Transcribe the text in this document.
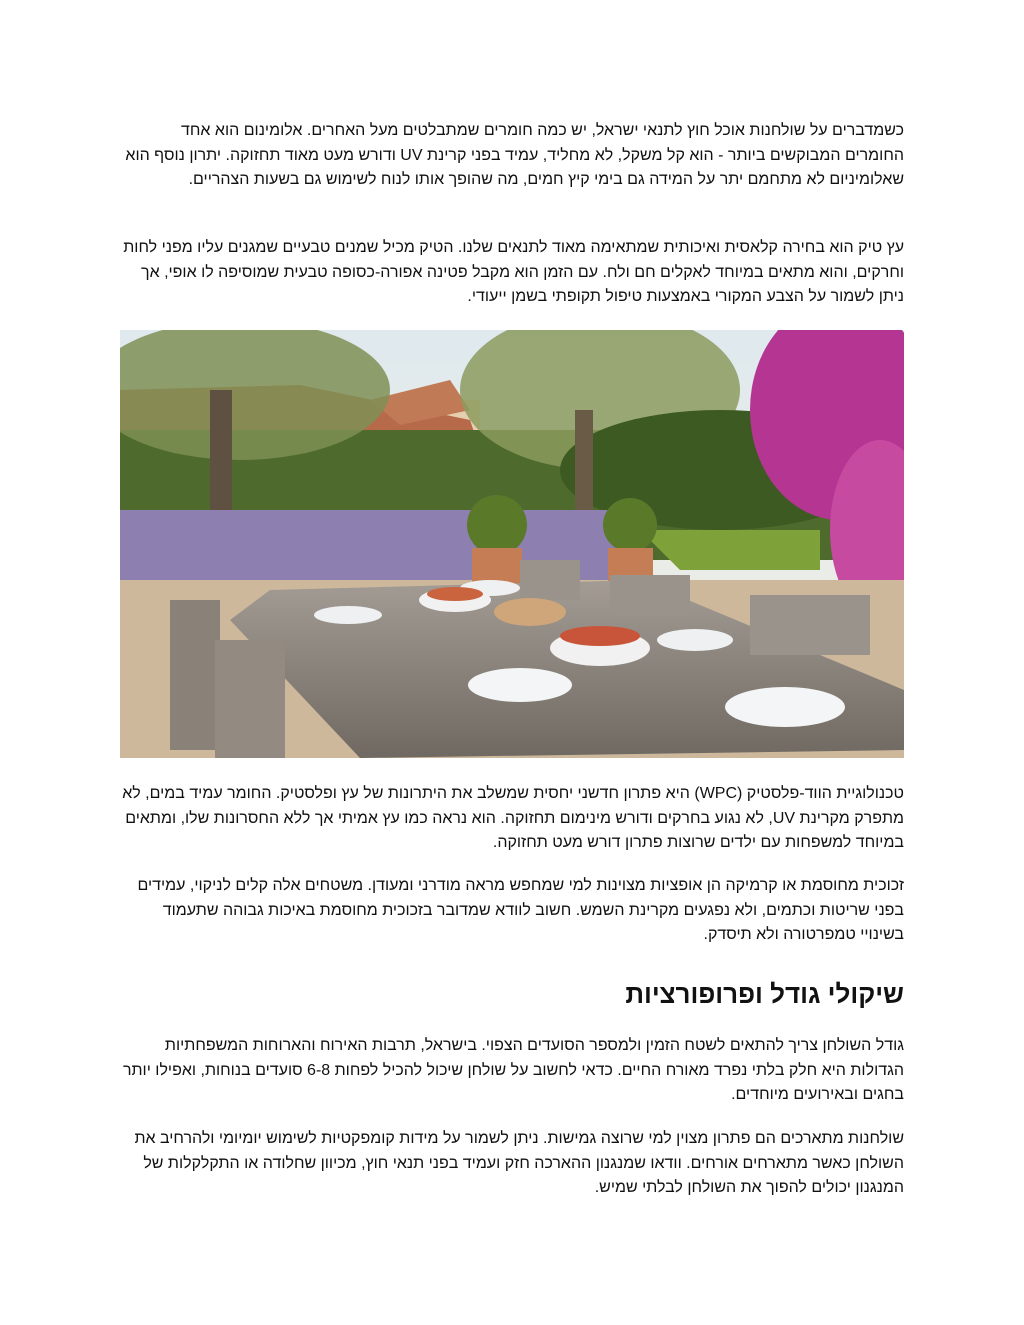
כשמדברים על שולחנות אוכל חוץ לתנאי ישראל, יש כמה חומרים שמתבלטים מעל האחרים. אלומינום הוא אחד החומרים המבוקשים ביותר - הוא קל משקל, לא מחליד, עמיד בפני קרינת UV ודורש מעט מאוד תחזוקה. יתרון נוסף הוא שאלומיניום לא מתחמם יתר על המידה גם בימי קיץ חמים, מה שהופך אותו לנוח לשימוש גם בשעות הצהריים.

עץ טיק הוא בחירה קלאסית ואיכותית שמתאימה מאוד לתנאים שלנו. הטיק מכיל שמנים טבעיים שמגנים עליו מפני לחות וחרקים, והוא מתאים במיוחד לאקלים חם ולח. עם הזמן הוא מקבל פטינה אפורה-כסופה טבעית שמוסיפה לו אופי, אך ניתן לשמור על הצבע המקורי באמצעות טיפול תקופתי בשמן ייעודי.

טכנולוגיית הווד-פלסטיק (WPC) היא פתרון חדשני יחסית שמשלב את היתרונות של עץ ופלסטיק. החומר עמיד במים, לא מתפרק מקרינת UV, לא נגוע בחרקים ודורש מינימום תחזוקה. הוא נראה כמו עץ אמיתי אך ללא החסרונות שלו, ומתאים במיוחד למשפחות עם ילדים שרוצות פתרון דורש מעט תחזוקה.

זכוכית מחוסמת או קרמיקה הן אופציות מצוינות למי שמחפש מראה מודרני ומעודן. משטחים אלה קלים לניקוי, עמידים בפני שריטות וכתמים, ולא נפגעים מקרינת השמש. חשוב לוודא שמדובר בזכוכית מחוסמת באיכות גבוהה שתעמוד בשינויי טמפרטורה ולא תיסדק.

שיקולי גודל ופרופורציות

גודל השולחן צריך להתאים לשטח הזמין ולמספר הסועדים הצפוי. בישראל, תרבות האירוח והארוחות המשפחתיות הגדולות היא חלק בלתי נפרד מאורח החיים. כדאי לחשוב על שולחן שיכול להכיל לפחות 6-8 סועדים בנוחות, ואפילו יותר בחגים ובאירועים מיוחדים.

שולחנות מתארכים הם פתרון מצוין למי שרוצה גמישות. ניתן לשמור על מידות קומפקטיות לשימוש יומיומי ולהרחיב את השולחן כאשר מתארחים אורחים. וודאו שמנגנון ההארכה חזק ועמיד בפני תנאי חוץ, מכיוון שחלודה או התקלקלות של המנגנון יכולים להפוך את השולחן לבלתי שמיש.
